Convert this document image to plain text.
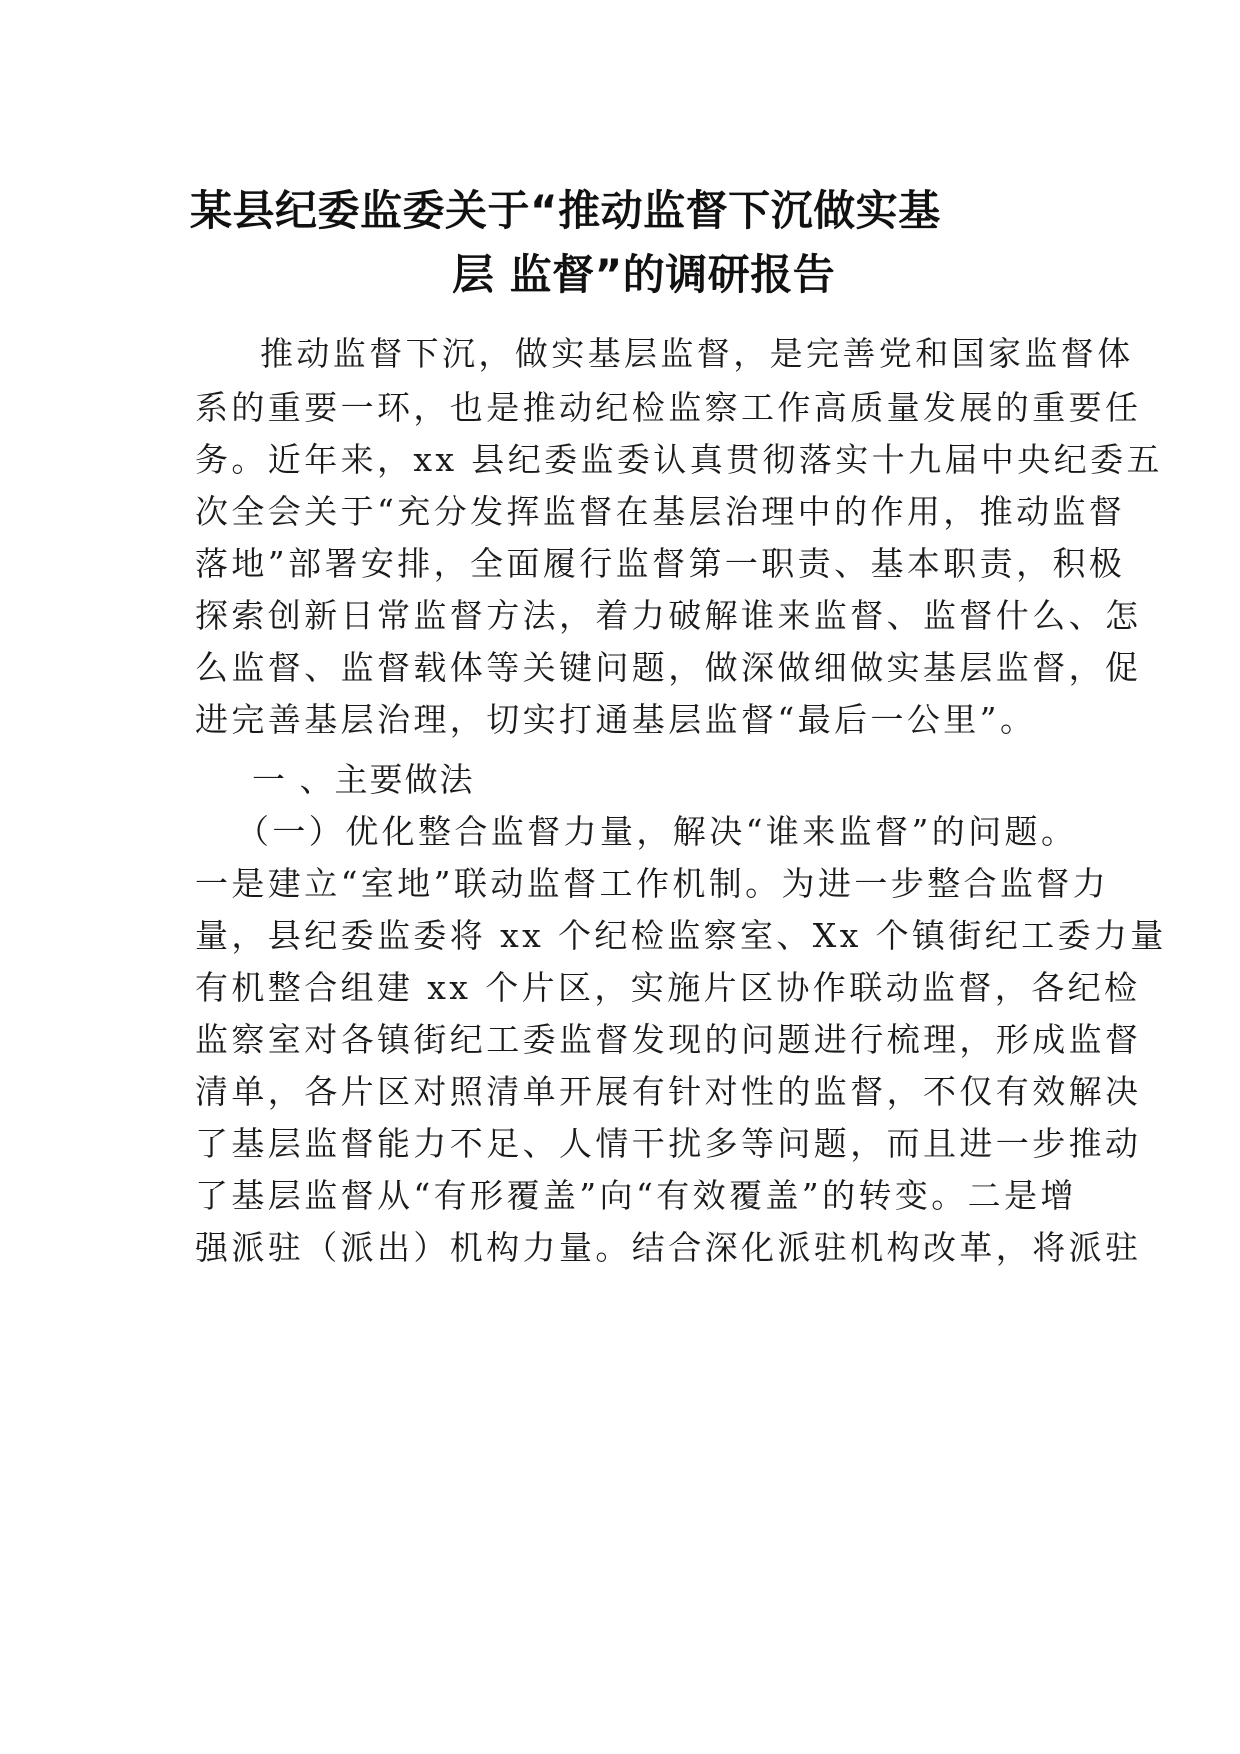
某县纪委监委关于“推动监督下沉做实基
层 监督”的调研报告
推动监督下沉，做实基层监督，是完善党和国家监督体
系的重要一环，也是推动纪检监察工作高质量发展的重要任
务。近年来，xx 县纪委监委认真贯彻落实十九届中央纪委五
次全会关于“充分发挥监督在基层治理中的作用，推动监督
落地”部署安排，全面履行监督第一职责、基本职责，积极
探索创新日常监督方法，着力破解谁来监督、监督什么、怎
么监督、监督载体等关键问题，做深做细做实基层监督，促
进完善基层治理，切实打通基层监督“最后一公里”。
一 、主要做法
（一）优化整合监督力量，解决“谁来监督”的问题。
一是建立“室地”联动监督工作机制。为进一步整合监督力
量，县纪委监委将 xx 个纪检监察室、Xx 个镇街纪工委力量
有机整合组建 xx 个片区，实施片区协作联动监督，各纪检
监察室对各镇街纪工委监督发现的问题进行梳理，形成监督
清单，各片区对照清单开展有针对性的监督，不仅有效解决
了基层监督能力不足、人情干扰多等问题，而且进一步推动
了基层监督从“有形覆盖”向“有效覆盖”的转变。二是增
强派驻（派出）机构力量。结合深化派驻机构改革，将派驻
